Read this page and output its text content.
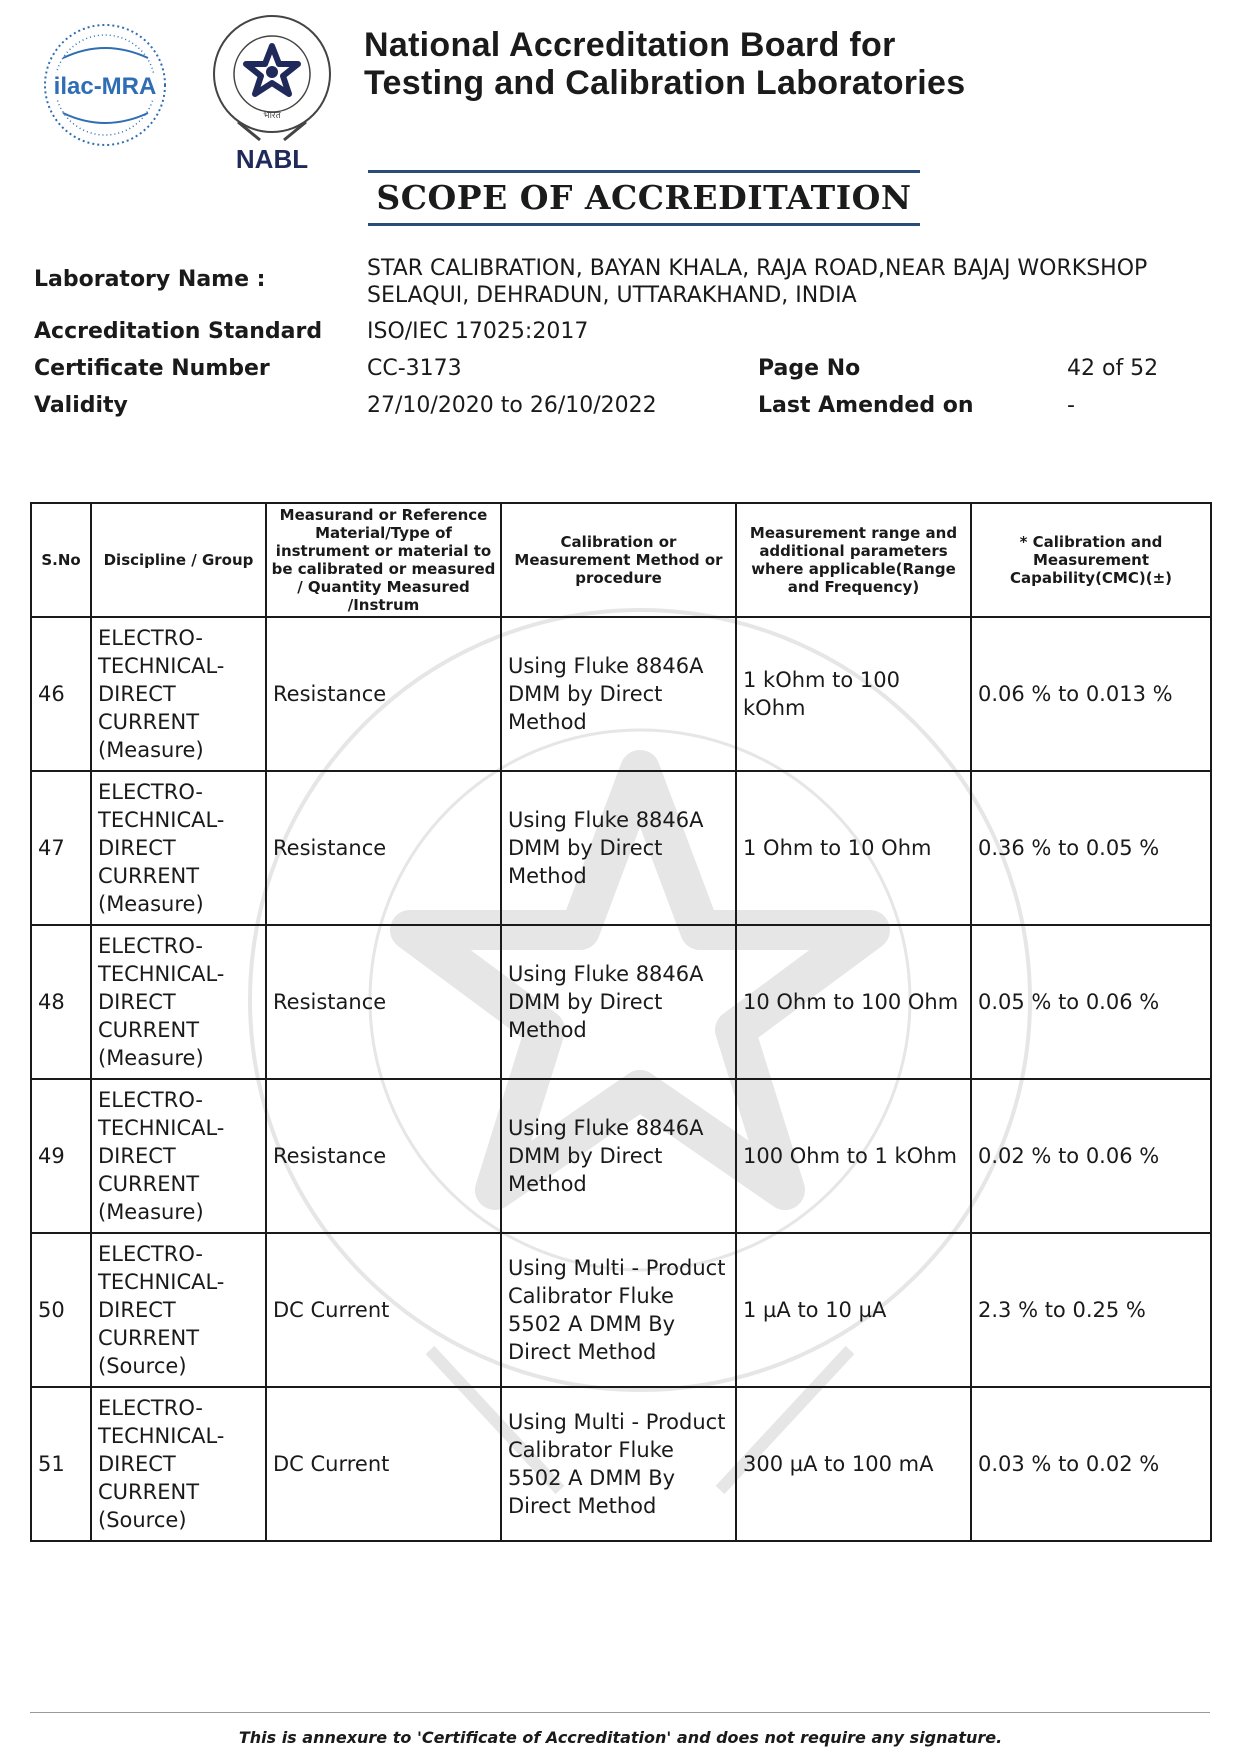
ilac-MRA
भारत
NABL
National Accreditation Board for
Testing and Calibration Laboratories
SCOPE OF ACCREDITATION
Laboratory Name :	STAR CALIBRATION, BAYAN KHALA, RAJA ROAD,NEAR BAJAJ WORKSHOP
SELAQUI, DEHRADUN, UTTARAKHAND, INDIA
Accreditation Standard ISO/IEC 17025:2017
Certificate Number	CC-3173	Page No	42 of 52
Validity	27/10/2020 to 26/10/2022	Last Amended on	-
S.No	Discipline / Group	Measurand or Reference Material/Type of instrument or material to be calibrated or measured / Quantity Measured /Instrum	Calibration or Measurement Method or procedure	Measurement range and additional parameters where applicable(Range and Frequency)	* Calibration and Measurement Capability(CMC)(±)
46	ELECTRO-TECHNICAL-DIRECT CURRENT (Measure)	Resistance	Using Fluke 8846A DMM by Direct Method	1 kOhm to 100 kOhm	0.06 % to 0.013 %
47	ELECTRO-TECHNICAL-DIRECT CURRENT (Measure)	Resistance	Using Fluke 8846A DMM by Direct Method	1 Ohm to 10 Ohm	0.36 % to 0.05 %
48	ELECTRO-TECHNICAL-DIRECT CURRENT (Measure)	Resistance	Using Fluke 8846A DMM by Direct Method	10 Ohm to 100 Ohm	0.05 % to 0.06 %
49	ELECTRO-TECHNICAL-DIRECT CURRENT (Measure)	Resistance	Using Fluke 8846A DMM by Direct Method	100 Ohm to 1 kOhm	0.02 % to 0.06 %
50	ELECTRO-TECHNICAL-DIRECT CURRENT (Source)	DC Current	Using Multi - Product Calibrator Fluke 5502 A DMM By Direct Method	1 µA to 10 µA	2.3 % to 0.25 %
51	ELECTRO-TECHNICAL-DIRECT CURRENT (Source)	DC Current	Using Multi - Product Calibrator Fluke 5502 A DMM By Direct Method	300 µA to 100 mA	0.03 % to 0.02 %
This is annexure to 'Certificate of Accreditation' and does not require any signature.
